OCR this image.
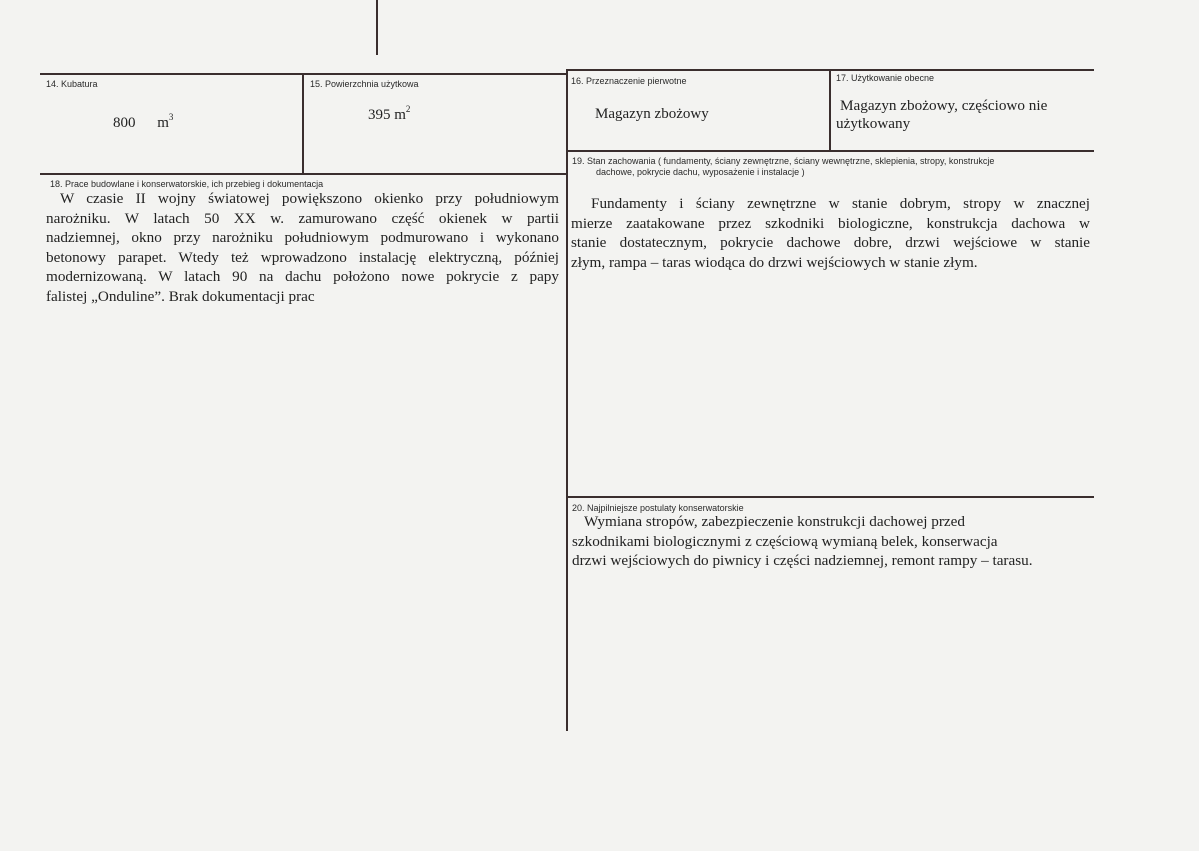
14. Kubatura
800 $m^3$
15. Powierzchnia użytkowa
395 $m^2$
16. Przeznaczenie pierwotne
Magazyn zbożowy
17. Użytkowanie obecne
Magazyn zbożowy, częściowo nie
użytkowany
18. Prace budowlane i konserwatorskie, ich przebieg i dokumentacja
W czasie II wojny światowej powiększono okienko przy południowym
narożniku. W latach 50 XX w. zamurowano część okienek w partii
nadziemnej, okno przy narożniku południowym podmurowano i wykonano
betonowy parapet. Wtedy też wprowadzono instalację elektryczną, później
modernizowaną. W latach 90 na dachu położono nowe pokrycie z papy
falistej „Onduline”. Brak dokumentacji prac
19. Stan zachowania ( fundamenty, ściany zewnętrzne, ściany wewnętrzne, sklepienia, stropy, konstrukcje
dachowe, pokrycie dachu, wyposażenie i instalacje )
Fundamenty i ściany zewnętrzne w stanie dobrym, stropy w znacznej
mierze zaatakowane przez szkodniki biologiczne, konstrukcja dachowa w
stanie dostatecznym, pokrycie dachowe dobre, drzwi wejściowe w stanie
złym, rampa – taras wiodąca do drzwi wejściowych w stanie złym.
20. Najpilniejsze postulaty konserwatorskie
Wymiana stropów, zabezpieczenie konstrukcji dachowej przed
szkodnikami biologicznymi z częściową wymianą belek, konserwacja
drzwi wejściowych do piwnicy i części nadziemnej, remont rampy – tarasu.
